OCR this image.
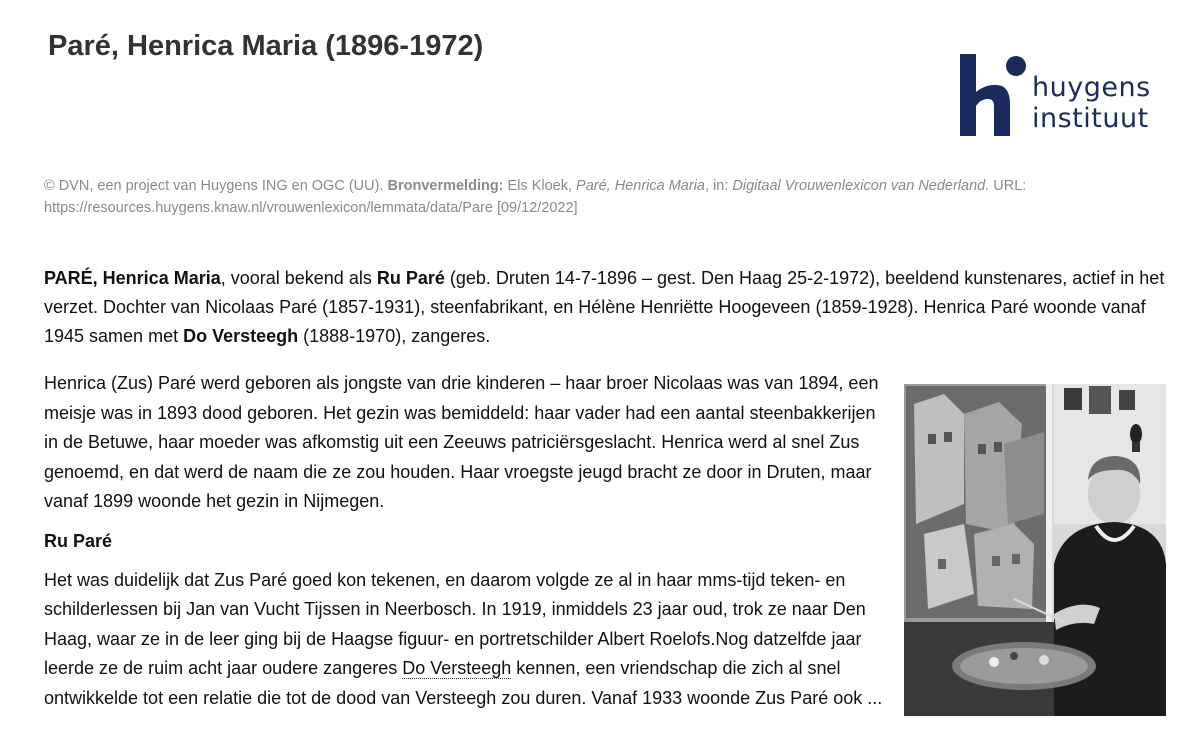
Paré, Henrica Maria (1896-1972)
huygens
instituut
© DVN, een project van Huygens ING en OGC (UU). Bronvermelding: Els Kloek, Paré, Henrica Maria, in: Digitaal Vrouwenlexicon van Nederland. URL: https://resources.huygens.knaw.nl/vrouwenlexicon/lemmata/data/Pare [09/12/2022]

PARÉ, Henrica Maria, vooral bekend als Ru Paré (geb. Druten 14-7-1896 – gest. Den Haag 25-2-1972), beeldend kunstenares, actief in het verzet. Dochter van Nicolaas Paré (1857-1931), steenfabrikant, en Hélène Henriëtte Hoogeveen (1859-1928). Henrica Paré woonde vanaf 1945 samen met Do Versteegh (1888-1970), zangeres.

Henrica (Zus) Paré werd geboren als jongste van drie kinderen – haar broer Nicolaas was van 1894, een meisje was in 1893 dood geboren. Het gezin was bemiddeld: haar vader had een aantal steenbakkerijen in de Betuwe, haar moeder was afkomstig uit een Zeeuws patriciërsgeslacht. Henrica werd al snel Zus genoemd, en dat werd de naam die ze zou houden. Haar vroegste jeugd bracht ze door in Druten, maar vanaf 1899 woonde het gezin in Nijmegen.

Ru Paré

Het was duidelijk dat Zus Paré goed kon tekenen, en daarom volgde ze al in haar mms-tijd teken- en schilderlessen bij Jan van Vucht Tijssen in Neerbosch. In 1919, inmiddels 23 jaar oud, trok ze naar Den Haag, waar ze in de leer ging bij de Haagse figuur- en portretschilder Albert Roelofs.Nog datzelfde jaar leerde ze de ruim acht jaar oudere zangeres Do Versteegh kennen, een vriendschap die zich al snel ontwikkelde tot een relatie die tot de dood van Versteegh zou duren. Vanaf 1933 woonde Zus Paré ook ...
